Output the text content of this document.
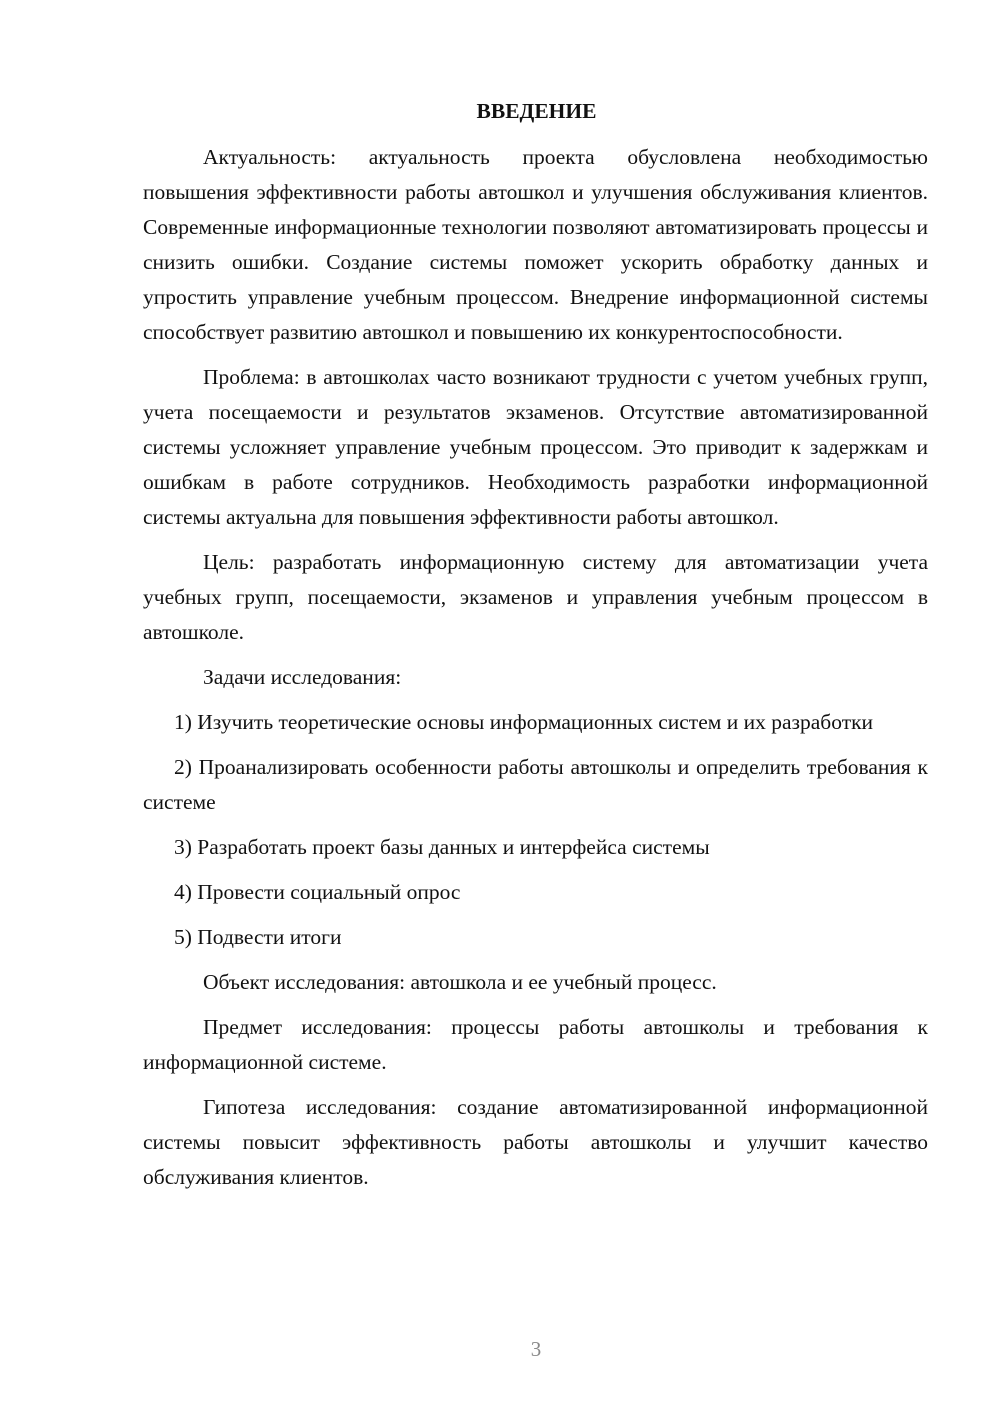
ВВЕДЕНИЕ

Актуальность: актуальность проекта обусловлена необходимостью повышения эффективности работы автошкол и улучшения обслуживания клиентов. Современные информационные технологии позволяют автоматизировать процессы и снизить ошибки. Создание системы поможет ускорить обработку данных и упростить управление учебным процессом. Внедрение информационной системы способствует развитию автошкол и повышению их конкурентоспособности.

Проблема: в автошколах часто возникают трудности с учетом учебных групп, учета посещаемости и результатов экзаменов. Отсутствие автоматизированной системы усложняет управление учебным процессом. Это приводит к задержкам и ошибкам в работе сотрудников. Необходимость разработки информационной системы актуальна для повышения эффективности работы автошкол.

Цель: разработать информационную систему для автоматизации учета учебных групп, посещаемости, экзаменов и управления учебным процессом в автошколе.

Задачи исследования:

1) Изучить теоретические основы информационных систем и их разработки

2) Проанализировать особенности работы автошколы и определить требования к системе

3) Разработать проект базы данных и интерфейса системы

4) Провести социальный опрос

5) Подвести итоги

Объект исследования: автошкола и ее учебный процесс.

Предмет исследования: процессы работы автошколы и требования к информационной системе.

Гипотеза исследования: создание автоматизированной информационной системы повысит эффективность работы автошколы и улучшит качество обслуживания клиентов.

3
